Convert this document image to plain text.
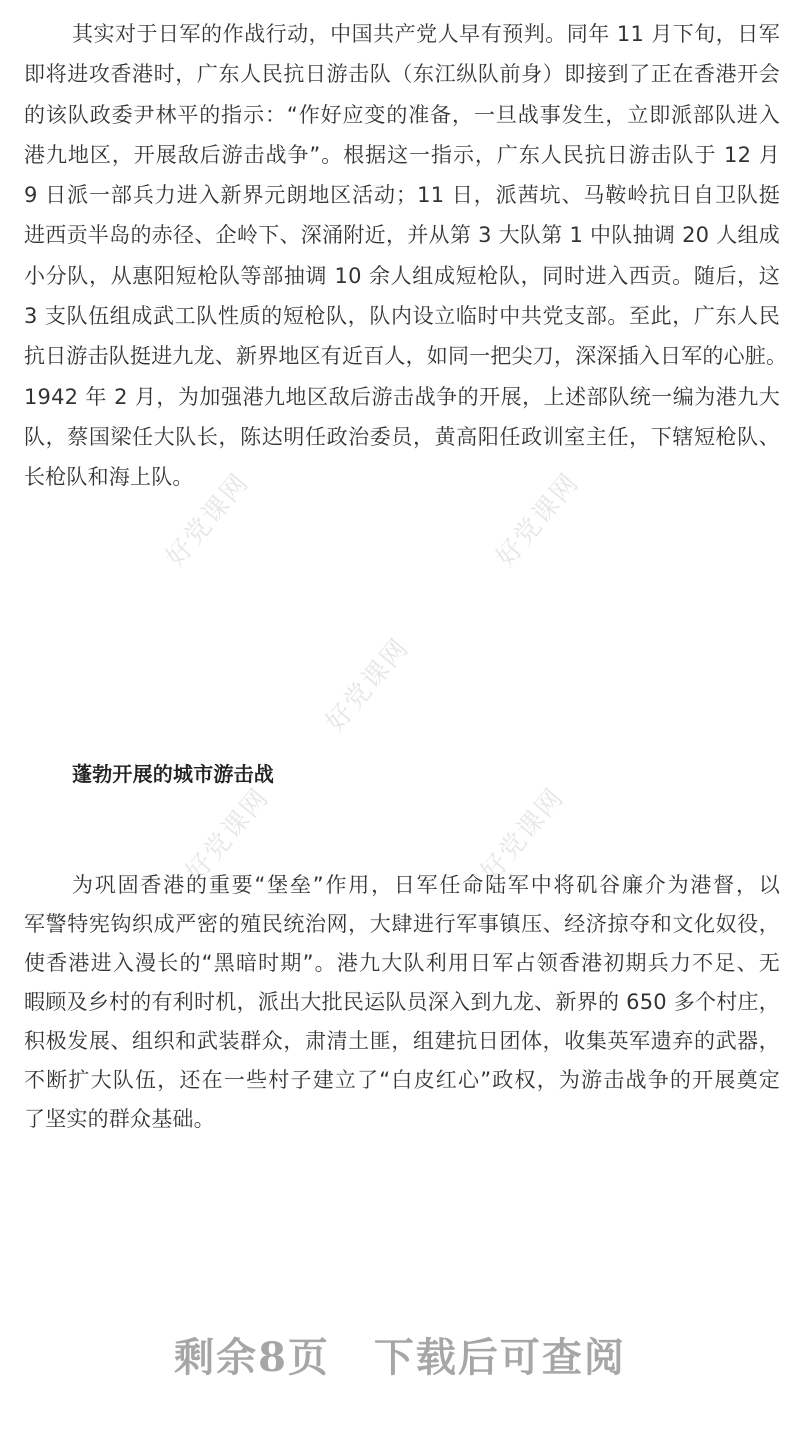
好党课网	好党课网
好党课网
好党课网	好党课网
其实对于日军的作战行动，中国共产党人早有预判。同年 11 月下旬，日军
即将进攻香港时，广东人民抗日游击队（东江纵队前身）即接到了正在香港开会
的该队政委尹林平的指示：“作好应变的准备，一旦战事发生，立即派部队进入
港九地区，开展敌后游击战争”。根据这一指示，广东人民抗日游击队于 12 月
9 日派一部兵力进入新界元朗地区活动；11 日，派茜坑、马鞍岭抗日自卫队挺
进西贡半岛的赤径、企岭下、深涌附近，并从第 3 大队第 1 中队抽调 20 人组成
小分队，从惠阳短枪队等部抽调 10 余人组成短枪队，同时进入西贡。随后，这
3 支队伍组成武工队性质的短枪队，队内设立临时中共党支部。至此，广东人民
抗日游击队挺进九龙、新界地区有近百人，如同一把尖刀，深深插入日军的心脏。
1942 年 2 月，为加强港九地区敌后游击战争的开展，上述部队统一编为港九大
队，蔡国梁任大队长，陈达明任政治委员，黄高阳任政训室主任，下辖短枪队、
长枪队和海上队。
蓬勃开展的城市游击战
为巩固香港的重要“堡垒”作用，日军任命陆军中将矶谷廉介为港督，以
军警特宪钩织成严密的殖民统治网，大肆进行军事镇压、经济掠夺和文化奴役，
使香港进入漫长的“黑暗时期”。港九大队利用日军占领香港初期兵力不足、无
暇顾及乡村的有利时机，派出大批民运队员深入到九龙、新界的 650 多个村庄，
积极发展、组织和武装群众，肃清土匪，组建抗日团体，收集英军遗弃的武器，
不断扩大队伍，还在一些村子建立了“白皮红心”政权，为游击战争的开展奠定
了坚实的群众基础。
剩余8页 下载后可查阅
